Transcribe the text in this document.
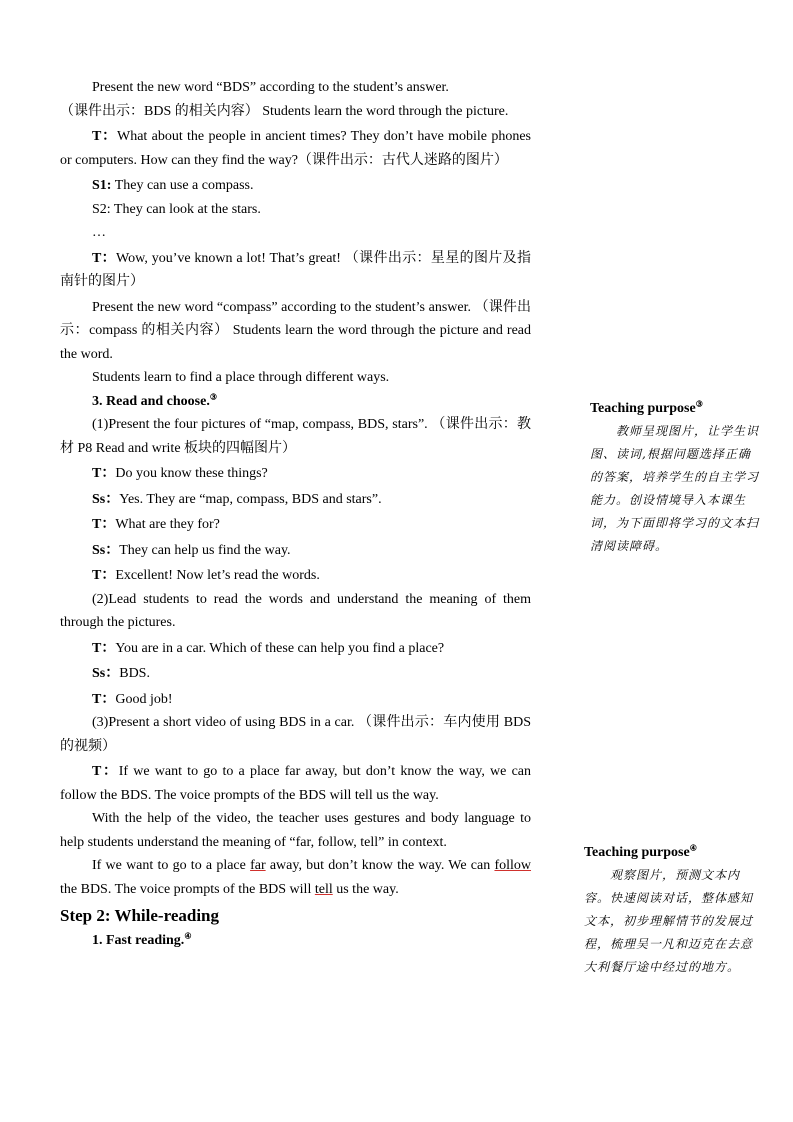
Present the new word “BDS” according to the student’s answer.

（课件出示：BDS 的相关内容） Students learn the word through the picture.

T：What about the people in ancient times? They don’t have mobile phones or computers. How can they find the way?（课件出示：古代人迷路的图片）

S1: They can use a compass.

S2: They can look at the stars.

…

T：Wow, you’ve known a lot! That’s great! （课件出示：星星的图片及指南针的图片）

Present the new word “compass” according to the student’s answer. （课件出示：compass 的相关内容） Students learn the word through the picture and read the word.

Students learn to find a place through different ways.

3. Read and choose.③

(1)Present the four pictures of “map, compass, BDS, stars”. （课件出示：教材 P8 Read and write 板块的四幅图片）

T：Do you know these things?

Ss：Yes. They are “map, compass, BDS and stars”.

T：What are they for?

Ss：They can help us find the way.

T：Excellent! Now let’s read the words.

(2)Lead students to read the words and understand the meaning of them through the pictures.

T：You are in a car. Which of these can help you find a place?

Ss：BDS.

T：Good job!

(3)Present a short video of using BDS in a car. （课件出示：车内使用 BDS 的视频）

T：If we want to go to a place far away, but don’t know the way, we can follow the BDS. The voice prompts of the BDS will tell us the way.

With the help of the video, the teacher uses gestures and body language to help students understand the meaning of “far, follow, tell” in context.

If we want to go to a place far away, but don’t know the way. We can follow the BDS. The voice prompts of the BDS will tell us the way.

Step 2: While-reading

1. Fast reading.④

Teaching purpose③
教师呈现图片，让学生识图、读词,根据问题选择正确的答案，培养学生的自主学习能力。创设情境导入本课生词，为下面即将学习的文本扫清阅读障碍。
Teaching purpose④
观察图片，预测文本内容。快速阅读对话，整体感知文本，初步理解情节的发展过程，梳理吴一凡和迈克在去意大利餐厅途中经过的地方。
